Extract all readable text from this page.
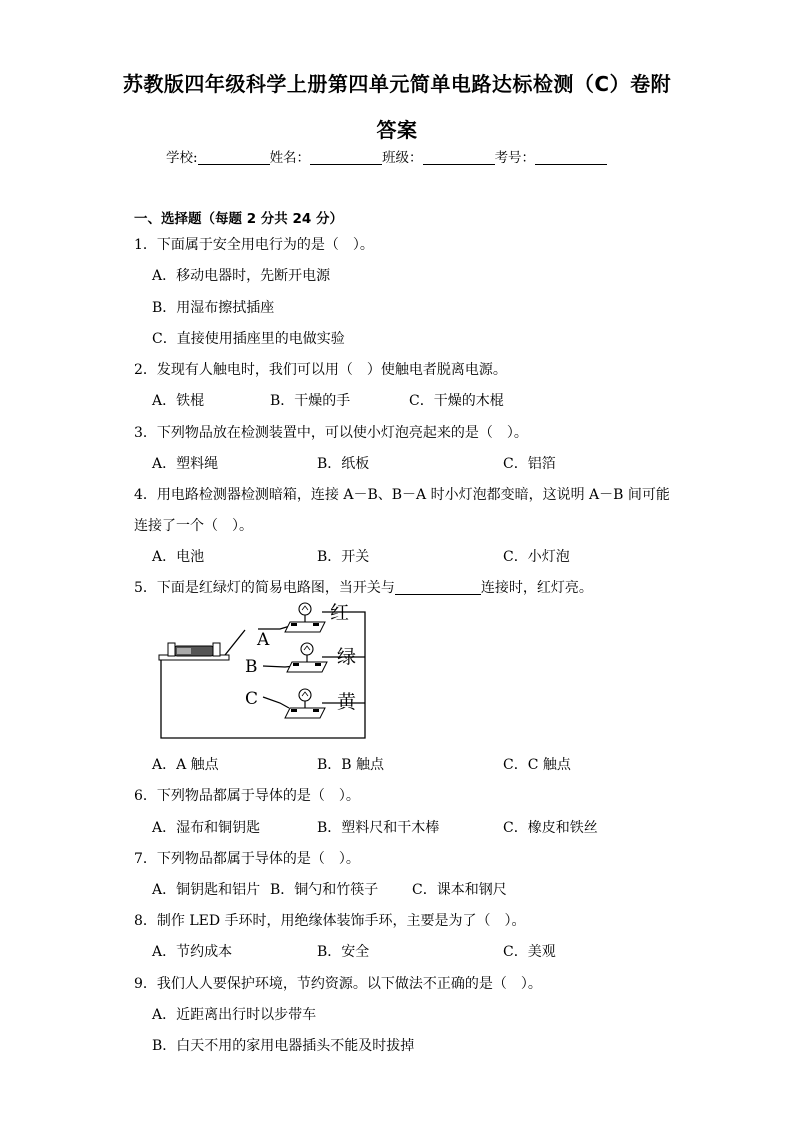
苏教版四年级科学上册第四单元简单电路达标检测（C）卷附
答案
学校:	姓名：	班级：	考号：
一、选择题（每题 2 分共 24 分）
1．下面属于安全用电行为的是（　）。
A．移动电器时，先断开电源
B．用湿布擦拭插座
C．直接使用插座里的电做实验
2．发现有人触电时，我们可以用（　）使触电者脱离电源。
A．铁棍	B．干燥的手	C．干燥的木棍
3．下列物品放在检测装置中，可以使小灯泡亮起来的是（　）。
A．塑料绳	B．纸板	C．铝箔
4．用电路检测器检测暗箱，连接 A－B、B－A 时小灯泡都变暗，这说明 A－B 间可能
连接了一个（　）。
A．电池	B．开关	C．小灯泡
5．下面是红绿灯的简易电路图，当开关与	连接时，红灯亮。
A
B
C
红
绿
黄
A．A 触点	B．B 触点	C．C 触点
6．下列物品都属于导体的是（　）。
A．湿布和铜钥匙	B．塑料尺和干木棒	C．橡皮和铁丝
7．下列物品都属于导体的是（　）。
A．铜钥匙和铝片 B．铜勺和竹筷子 C．课本和钢尺
8．制作 LED 手环时，用绝缘体装饰手环，主要是为了（　）。
A．节约成本	B．安全	C．美观
9．我们人人要保护环境，节约资源。以下做法不正确的是（　）。
A．近距离出行时以步带车
B．白天不用的家用电器插头不能及时拔掉
